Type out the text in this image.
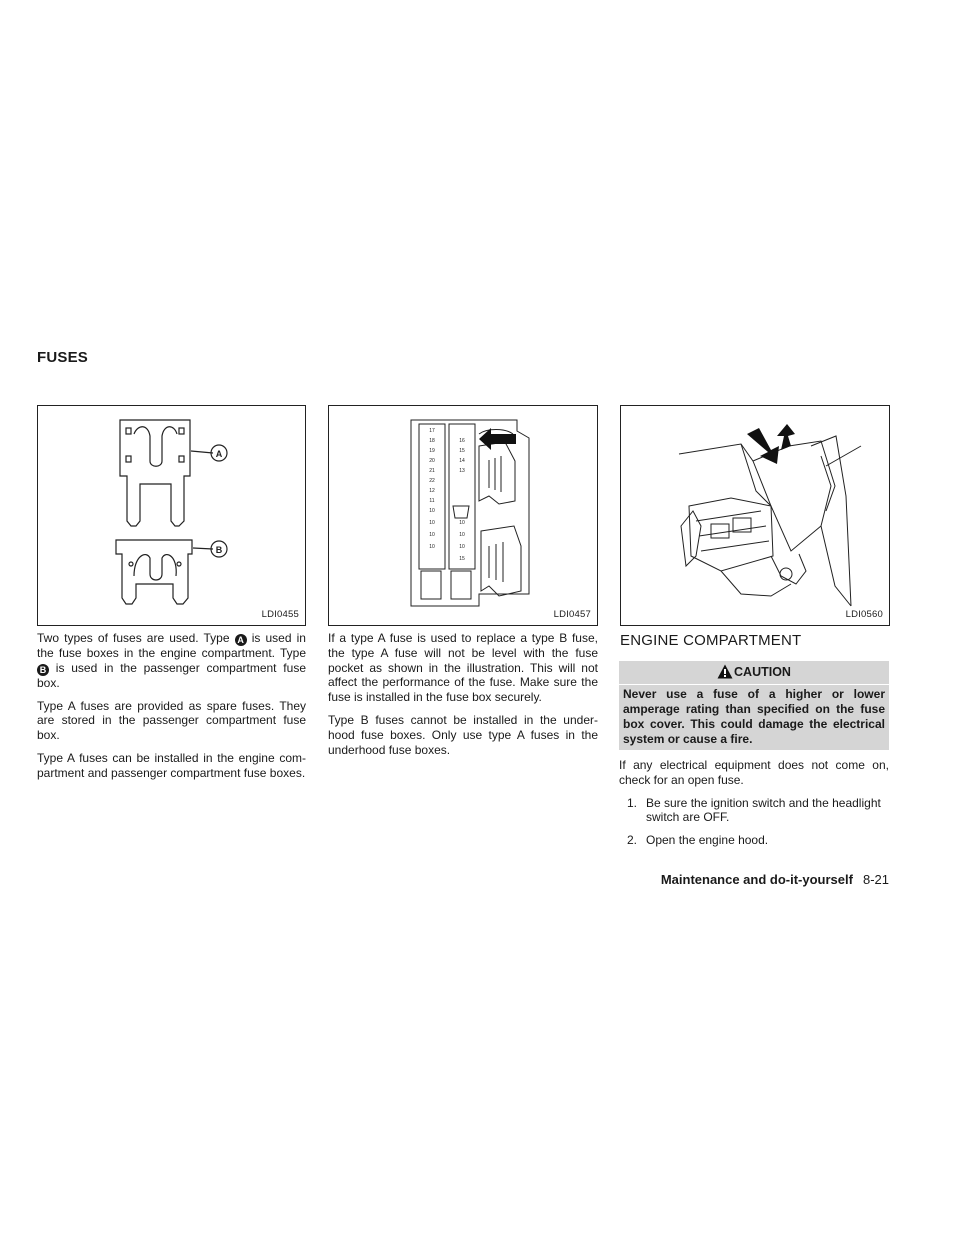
FUSES
A
B
LDI0455
17
18
19
20
21
22
12
11
10
16
15
14
13
10	10
10	10
10	10
15
LDI0457	LDI0560

Two types of fuses are used. Type A is used in the fuse boxes in the engine compartment. Type B is used in the passenger compartment fuse box.

Type A fuses are provided as spare fuses. They are stored in the passenger compartment fuse box.

Type A fuses can be installed in the engine com-partment and passenger compartment fuse boxes.

If a type A fuse is used to replace a type B fuse, the type A fuse will not be level with the fuse pocket as shown in the illustration. This will not affect the performance of the fuse. Make sure the fuse is installed in the fuse box securely.

Type B fuses cannot be installed in the under-hood fuse boxes. Only use type A fuses in the underhood fuse boxes.

ENGINE COMPARTMENT
CAUTION
Never use a fuse of a higher or lower amperage rating than specified on the fuse box cover. This could damage the electrical system or cause a fire.

If any electrical equipment does not come on, check for an open fuse.

1. Be sure the ignition switch and the headlight switch are OFF.
2. Open the engine hood.
Maintenance and do-it-yourself 8-21
